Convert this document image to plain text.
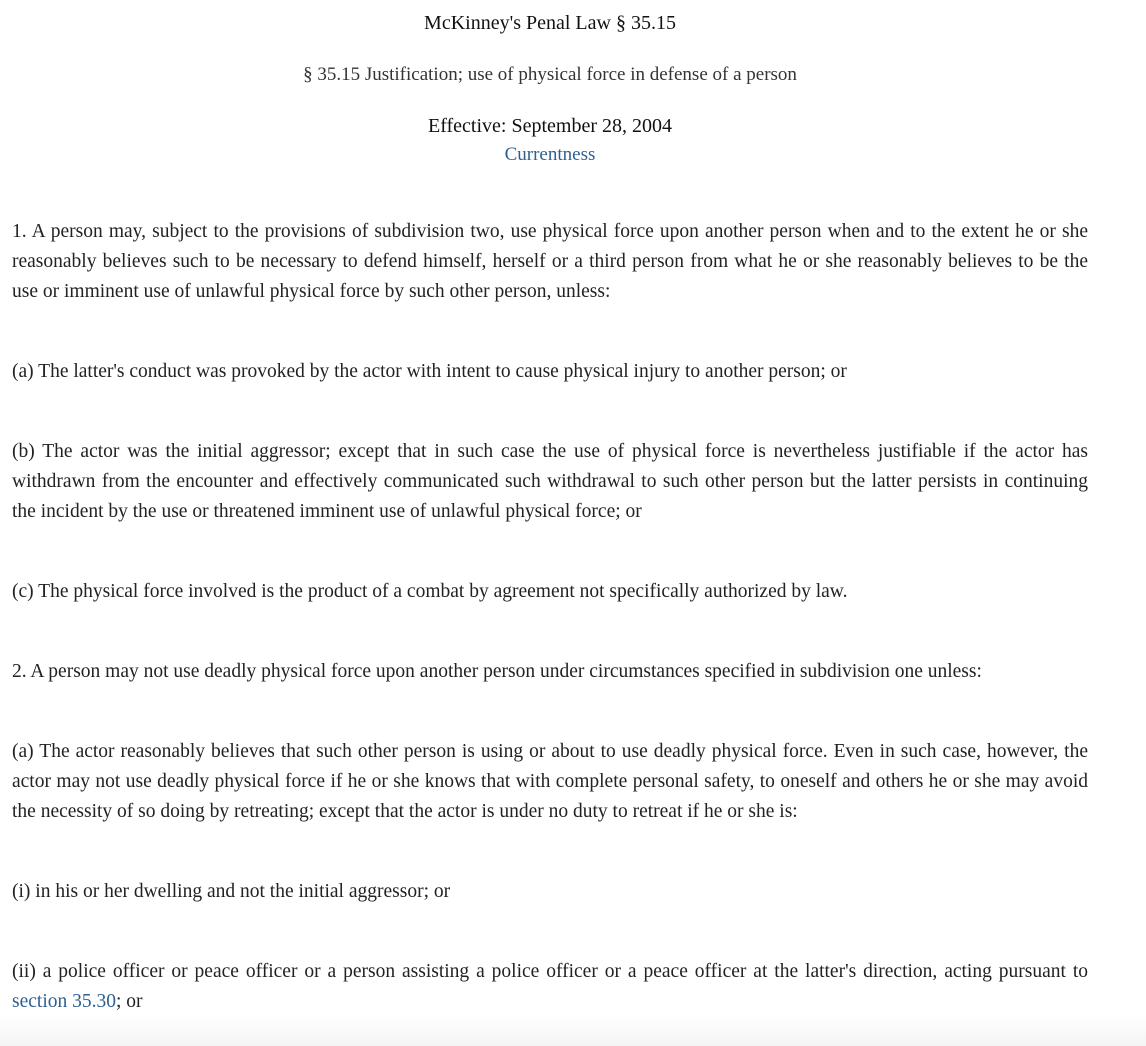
McKinney's Penal Law § 35.15
§ 35.15 Justification; use of physical force in defense of a person
Effective: September 28, 2004
Currentness

1. A person may, subject to the provisions of subdivision two, use physical force upon another person when and to the extent he or she reasonably believes such to be necessary to defend himself, herself or a third person from what he or she reasonably believes to be the use or imminent use of unlawful physical force by such other person, unless:

(a) The latter's conduct was provoked by the actor with intent to cause physical injury to another person; or

(b) The actor was the initial aggressor; except that in such case the use of physical force is nevertheless justifiable if the actor has withdrawn from the encounter and effectively communicated such withdrawal to such other person but the latter persists in continuing the incident by the use or threatened imminent use of unlawful physical force; or

(c) The physical force involved is the product of a combat by agreement not specifically authorized by law.

2. A person may not use deadly physical force upon another person under circumstances specified in subdivision one unless:

(a) The actor reasonably believes that such other person is using or about to use deadly physical force. Even in such case, however, the actor may not use deadly physical force if he or she knows that with complete personal safety, to oneself and others he or she may avoid the necessity of so doing by retreating; except that the actor is under no duty to retreat if he or she is:

(i) in his or her dwelling and not the initial aggressor; or

(ii) a police officer or peace officer or a person assisting a police officer or a peace officer at the latter's direction, acting pursuant to section 35.30; or
